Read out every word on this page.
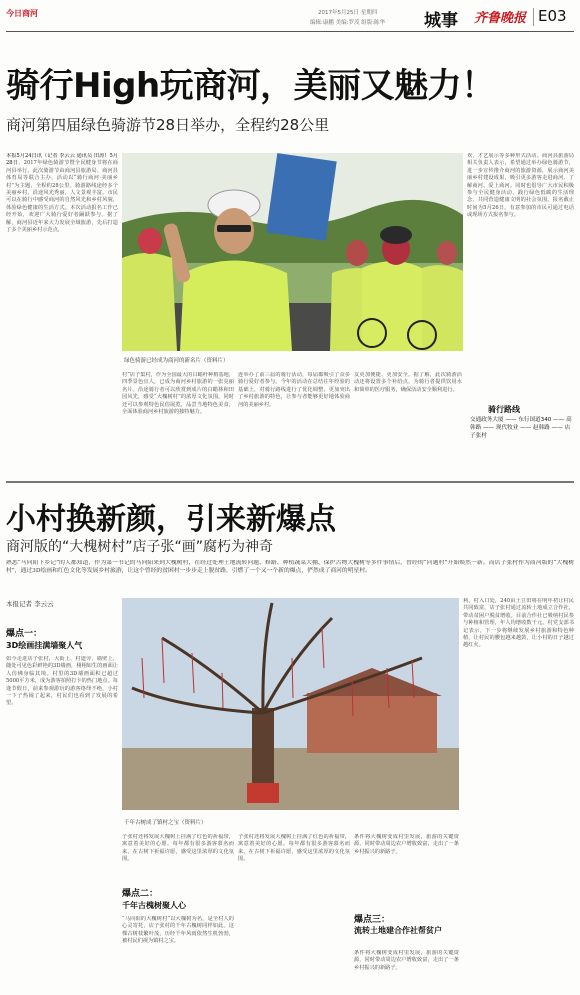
今日商河	2017年5月25日 星期四
编辑:康鹏 美编:罗茂 组版:陈华 城事 齐鲁晚报 E03
骑行High玩商河，美丽又魅力！
商河第四届绿色骑游节28日举办，全程约28公里
本报5月24日讯（记者 李云云 通讯员 田涛）5月28日，2017年绿色骑游节暨全民健身节将在商河县举行。此次骑游节由商河县旅游局、商河县体育局等联合主办，活动以“骑行商河·美丽乡村”为主题，全程约28公里。骑游路线途经多个美丽乡村，沿途风光秀丽，人文景观丰富。市民可以在骑行中感受商河的自然风光和乡村风貌，体验绿色健康的生活方式。本次活动报名工作已经开始，欢迎广大骑行爱好者踊跃参与。据了解，商河县近年来大力发展全域旅游，先后打造了多个美丽乡村示范点，
绿色骑游已经成为商河的新名片（资料片）
村”店子集村，作为全国最大的白蜡杆种植基地，四季景色宜人，已成为商河乡村旅游的一张亮丽名片。沿途骑行者可以欣赏到成片的白蜡林和田园风光，感受“大槐树村”的浓厚文化氛围，同时还可以参观特色民俗展览，品尝当地特色美食，全面体验商河乡村旅游的独特魅力。
连举办了前三届的骑行活动，每届都吸引了众多骑行爱好者参与。今年的活动在总结往年经验的基础上，对骑行路线进行了优化调整，更加突出了乡村旅游的特色，让参与者能够更好地体验商河的美丽乡村。
友更加便捷、更加安全。据了解，此次骑游活动还将设置多个补给点，为骑行者提供饮用水和简单的医疗服务，确保活动安全顺利进行。
欢，才艺展示等多种形式活动。商河县旅游局相关负责人表示，希望通过举办绿色骑游节，进一步宣传推介商河的旅游资源，展示商河美丽乡村建设成果，吸引更多游客走进商河、了解商河、爱上商河。同时也倡导广大市民积极参与全民健身活动，践行绿色低碳的生活理念，共同营造健康文明的社会氛围。报名截止时间为5月26日，有意参加的市民可通过电话或现场方式报名参与。
骑行路线
交通政务大厦 —— 东行国道340 —— 高韩路 —— 现代牧业 —— 赵韩路 —— 店子张村
小村换新颜，引来新爆点
商河版的“大槐树村”店子张“画”腐朽为神奇
熟悉“马向阳下乡记”的人都知道，作为第一书记的马向阳来到大槐树村，在经过处理土地流转问题、修路、种植蔬菜大棚、保护古物大槐树等多件事情后，曾经的“问题村”开始焕然一新。而店子张村作为商河版的“大槐树村”，通过3D绘画和红色文化等发展乡村旅游，让这个曾经的贫困村一步步走上脱贫路，引燃了一个又一个新的爆点，俨然成了商河的明星村。
本报记者 李云云
爆点一：
3D绘画挂满墙聚人气
如今走进店子张村，大街上、村道旁、墙壁上，随处可见色彩鲜艳的3D墙画，栩栩如生的画面让人仿佛身临其境。村里的3D墙画面积已超过5000平方米，成为游客拍照打卡的热门地点。每逢节假日，前来参观游玩的游客络绎不绝，小村一下子热闹了起来，村民们也看到了发展的希望。
千年古树成了镇村之宝（资料片）
子张村还将发展大槐树上挂满了红色的祈福带，寓意着美好的心愿。每年都有很多游客慕名而来，在古树下祈福许愿，感受这里浓厚的文化氛围。
爆点二：
千年古槐树聚人心
“马向阳的大槐树村”以大槐树为名，是全村人的心灵寄托，店子张村的千年古槐树同样如此。这棵古树枝繁叶茂，历经千年风雨依然生机勃勃，被村民们视为镇村之宝。
子张村还将发展大槐树上挂满了红色的祈福带，寓意着美好的心愿。每年都有很多游客慕名而来，在古树下祈福许愿，感受这里浓厚的文化氛围。
条件将大槐树变成村里发展，旅游的关键资源，同时带动周边农户增收致富，走出了一条乡村振兴的新路子。
爆点三：
流转土地建合作社帮贫户
条件将大槐树变成村里发展，旅游的关键资源，同时带动周边农户增收致富，走出了一条乡村振兴的新路子。
利，村入口处，240亩土豆田将在明年初让村民共同致富，店子张村通过流转土地成立合作社，带动贫困户脱贫增收。目前合作社已吸纳村民参与种植和管理，年人均增收数千元。村党支部书记表示，下一步将继续发展乡村旅游和特色种植，让村民的腰包越来越鼓，让小村的日子越过越红火。
